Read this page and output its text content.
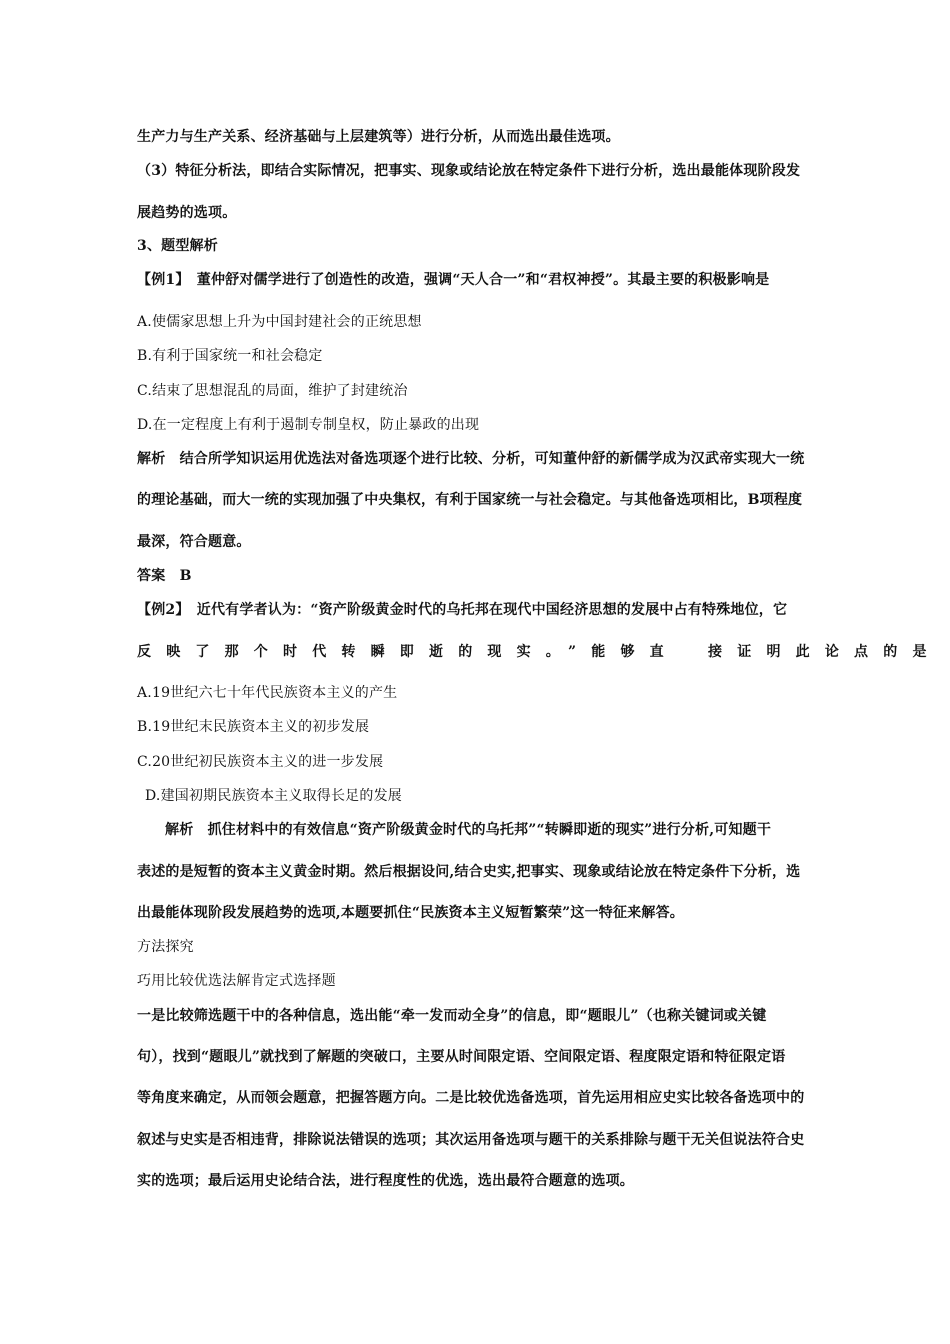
生产力与生产关系、经济基础与上层建筑等）进行分析，从而选出最佳选项。
（3）特征分析法，即结合实际情况，把事实、现象或结论放在特定条件下进行分析，选出最能体现阶段发
展趋势的选项。
3、题型解析
【例1】　董仲舒对儒学进行了创造性的改造，强调“天人合一”和“君权神授”。其最主要的积极影响是
A.使儒家思想上升为中国封建社会的正统思想
B.有利于国家统一和社会稳定
C.结束了思想混乱的局面，维护了封建统治
D.在一定程度上有利于遏制专制皇权，防止暴政的出现
解析　结合所学知识运用优选法对备选项逐个进行比较、分析，可知董仲舒的新儒学成为汉武帝实现大一统
的理论基础，而大一统的实现加强了中央集权，有利于国家统一与社会稳定。与其他备选项相比，B项程度
最深，符合题意。
答案　B
【例2】　近代有学者认为：“资产阶级黄金时代的乌托邦在现代中国经济思想的发展中占有特殊地位，它
反映了那个时代转瞬即逝的现实。”能够直　接证明此论点的是
A.19世纪六七十年代民族资本主义的产生
B.19世纪末民族资本主义的初步发展
C.20世纪初民族资本主义的进一步发展
D.建国初期民族资本主义取得长足的发展
解析　抓住材料中的有效信息“资产阶级黄金时代的乌托邦”“转瞬即逝的现实”进行分析,可知题干
表述的是短暂的资本主义黄金时期。然后根据设问,结合史实,把事实、现象或结论放在特定条件下分析，选
出最能体现阶段发展趋势的选项,本题要抓住“民族资本主义短暂繁荣”这一特征来解答。
方法探究
巧用比较优选法解肯定式选择题
一是比较筛选题干中的各种信息，选出能“牵一发而动全身”的信息，即“题眼儿”（也称关键词或关键
句），找到“题眼儿”就找到了解题的突破口，主要从时间限定语、空间限定语、程度限定语和特征限定语
等角度来确定，从而领会题意，把握答题方向。二是比较优选备选项，首先运用相应史实比较各备选项中的
叙述与史实是否相违背，排除说法错误的选项；其次运用备选项与题干的关系排除与题干无关但说法符合史
实的选项；最后运用史论结合法，进行程度性的优选，选出最符合题意的选项。
